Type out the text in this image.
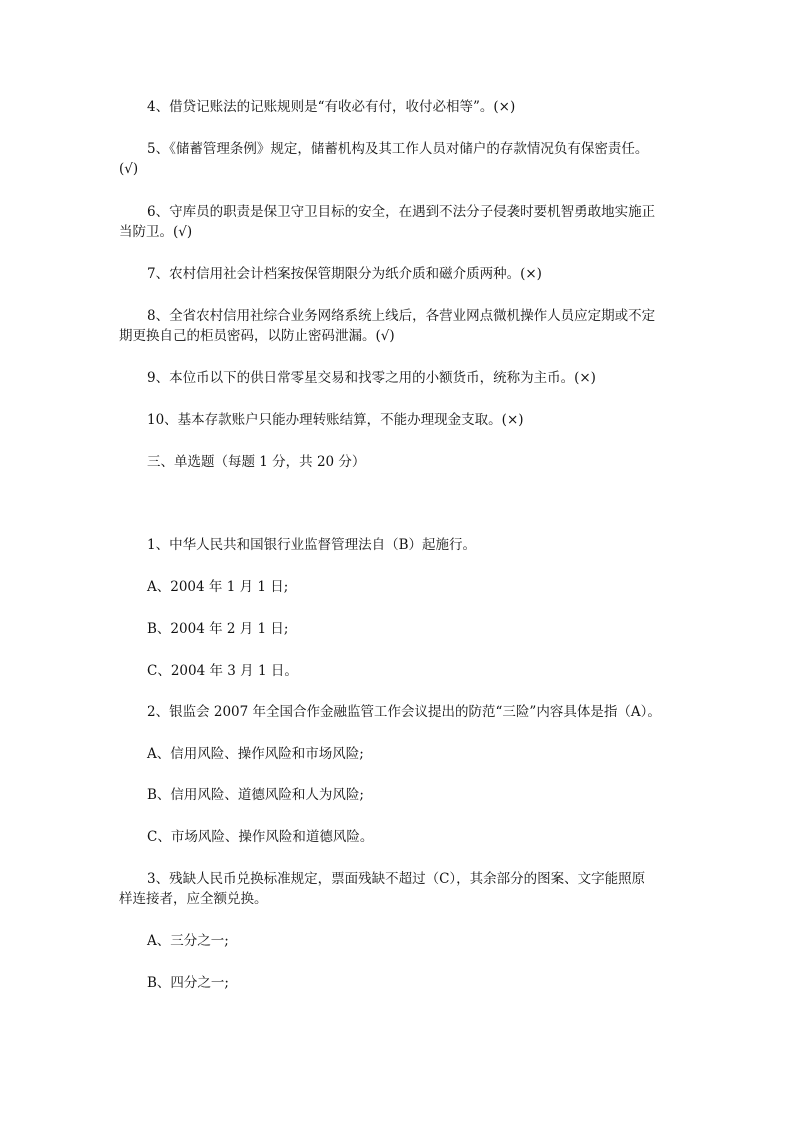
4、借贷记账法的记账规则是“有收必有付，收付必相等”。(×)
5、《储蓄管理条例》规定，储蓄机构及其工作人员对储户的存款情况负有保密责任。
(√)
6、守库员的职责是保卫守卫目标的安全，在遇到不法分子侵袭时要机智勇敢地实施正
当防卫。(√)
7、农村信用社会计档案按保管期限分为纸介质和磁介质两种。(×)
8、全省农村信用社综合业务网络系统上线后，各营业网点微机操作人员应定期或不定
期更换自己的柜员密码，以防止密码泄漏。(√)
9、本位币以下的供日常零星交易和找零之用的小额货币，统称为主币。(×)
10、基本存款账户只能办理转账结算，不能办理现金支取。(×)
三、单选题（每题 1 分，共 20 分）
1、中华人民共和国银行业监督管理法自（B）起施行。
A、2004 年 1 月 1 日;
B、2004 年 2 月 1 日;
C、2004 年 3 月 1 日。
2、银监会 2007 年全国合作金融监管工作会议提出的防范“三险”内容具体是指（A）。
A、信用风险、操作风险和市场风险;
B、信用风险、道德风险和人为风险;
C、市场风险、操作风险和道德风险。
3、残缺人民币兑换标准规定，票面残缺不超过（C），其余部分的图案、文字能照原
样连接者，应全额兑换。
A、三分之一;
B、四分之一;
